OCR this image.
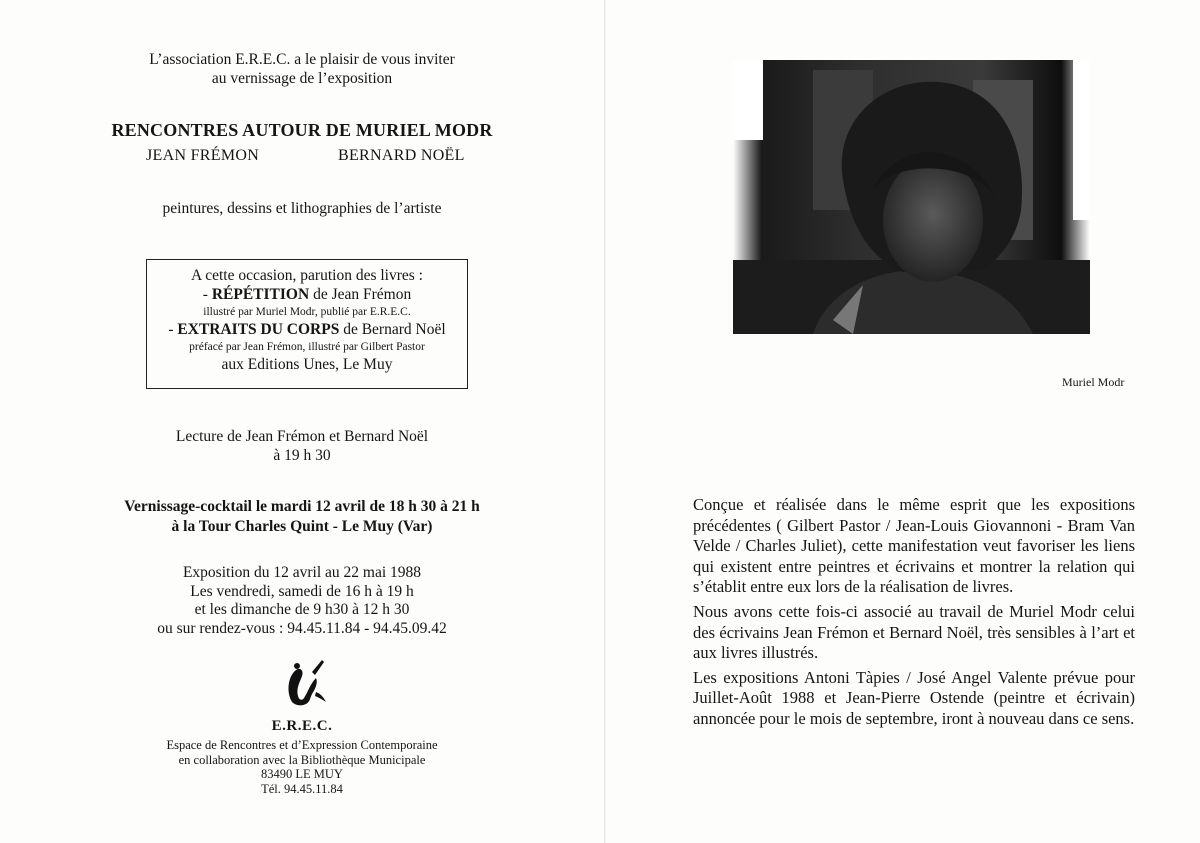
L’association E.R.E.C. a le plaisir de vous inviter
au vernissage de l’exposition
RENCONTRES AUTOUR DE MURIEL MODR
JEAN FRÉMON	BERNARD NOËL
peintures, dessins et lithographies de l’artiste
A cette occasion, parution des livres :
- RÉPÉTITION de Jean Frémon
illustré par Muriel Modr, publié par E.R.E.C.
- EXTRAITS DU CORPS de Bernard Noël
préfacé par Jean Frémon, illustré par Gilbert Pastor
aux Editions Unes, Le Muy
Lecture de Jean Frémon et Bernard Noël
à 19 h 30
Vernissage-cocktail le mardi 12 avril de 18 h 30 à 21 h
à la Tour Charles Quint - Le Muy (Var)
Exposition du 12 avril au 22 mai 1988
Les vendredi, samedi de 16 h à 19 h
et les dimanche de 9 h30 à 12 h 30
ou sur rendez-vous : 94.45.11.84 - 94.45.09.42
E.R.E.C.
Espace de Rencontres et d’Expression Contemporaine
en collaboration avec la Bibliothèque Municipale
83490 LE MUY
Tél. 94.45.11.84
Muriel Modr

Conçue et réalisée dans le même esprit que les expositions précédentes ( Gilbert Pastor / Jean-Louis Giovannoni - Bram Van Velde / Charles Juliet), cette manifestation veut favoriser les liens qui existent entre peintres et écrivains et montrer la relation qui s’établit entre eux lors de la réalisation de livres.

Nous avons cette fois-ci associé au travail de Muriel Modr celui des écrivains Jean Frémon et Bernard Noël, très sensibles à l’art et aux livres illustrés.

Les expositions Antoni Tàpies / José Angel Valente prévue pour Juillet-Août 1988 et Jean-Pierre Ostende (peintre et écrivain) annoncée pour le mois de septembre, iront à nouveau dans ce sens.
